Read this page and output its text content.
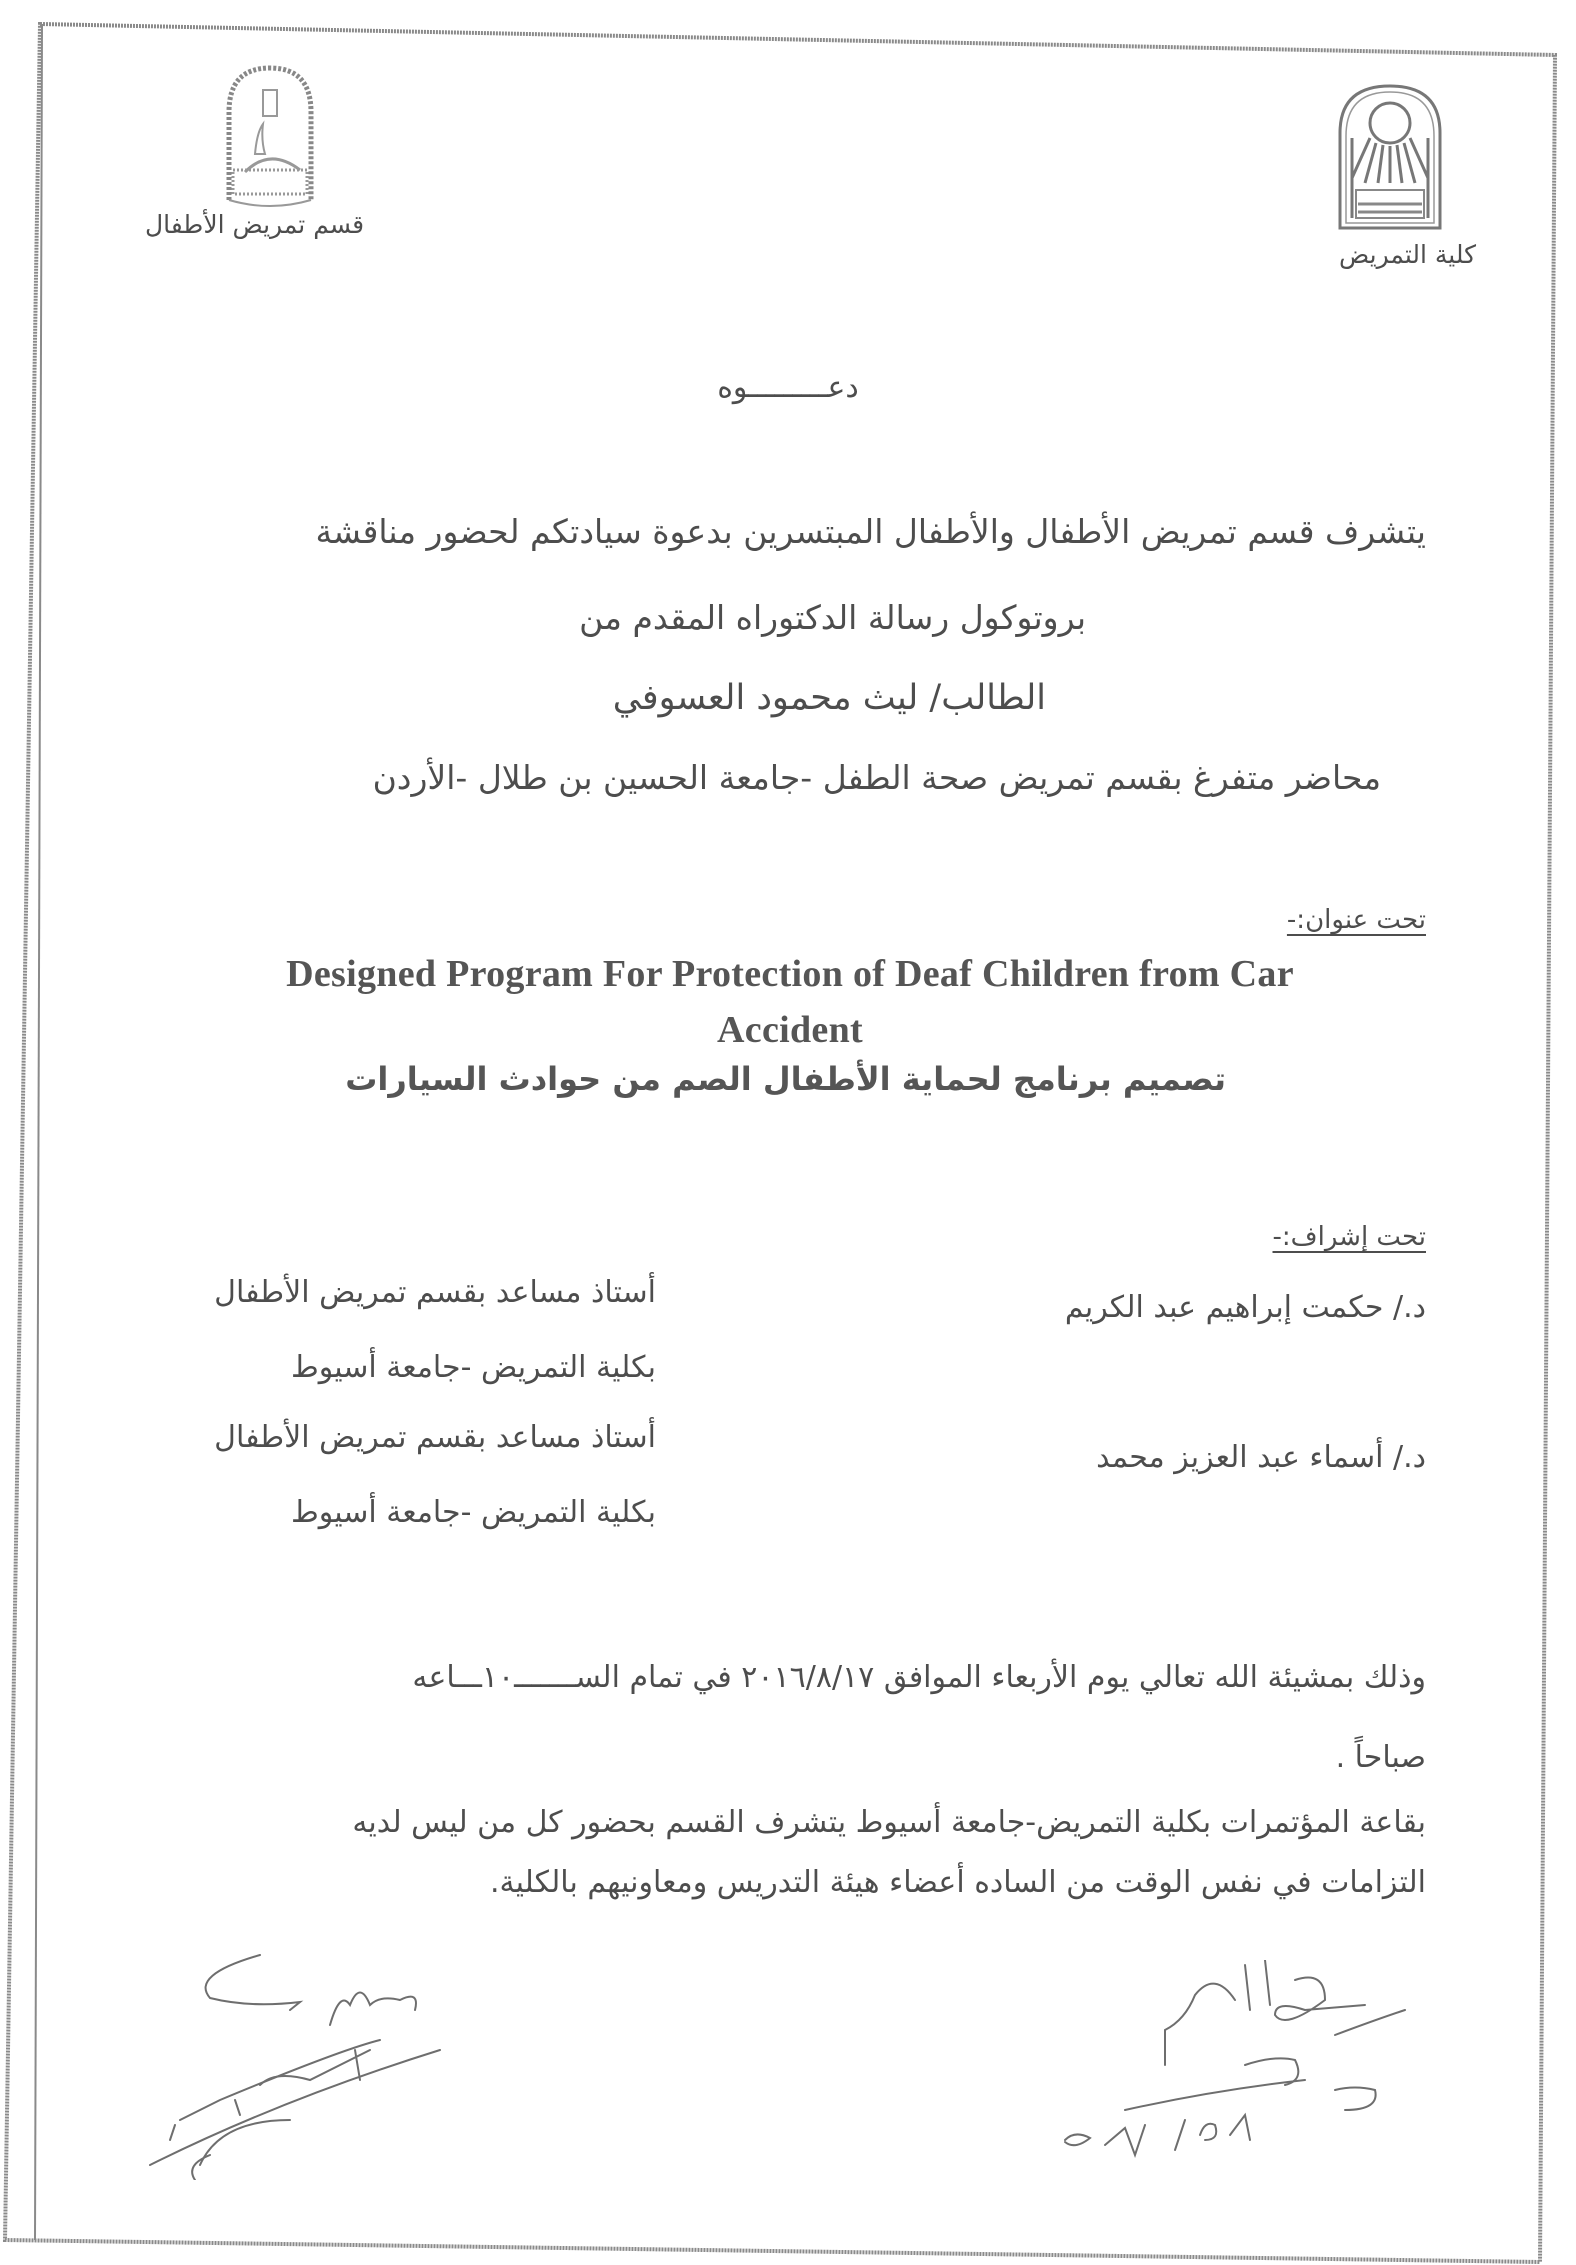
كلية التمريض
قسم تمريض الأطفال
دعـــــــــوه
يتشرف قسم تمريض الأطفال والأطفال المبتسرين بدعوة سيادتكم لحضور مناقشة
بروتوكول رسالة الدكتوراه المقدم من
الطالب/ ليث محمود العسوفي
محاضر متفرغ بقسم تمريض صحة الطفل -جامعة الحسين بن طلال -الأردن
تحت عنوان:-
Designed Program For Protection of Deaf Children from Car
Accident
تصميم برنامج لحماية الأطفال الصم من حوادث السيارات
تحت إشراف:-
د./ حكمت إبراهيم عبد الكريم
أستاذ مساعد بقسم تمريض الأطفال
بكلية التمريض -جامعة أسيوط
د./ أسماء عبد العزيز محمد
أستاذ مساعد بقسم تمريض الأطفال
بكلية التمريض -جامعة أسيوط
وذلك بمشيئة الله تعالي يوم الأربعاء الموافق ٢٠١٦/٨/١٧ في تمام الســـــــ١٠ـــاعه
صباحاً .
بقاعة المؤتمرات بكلية التمريض-جامعة أسيوط يتشرف القسم بحضور كل من ليس لديه
التزامات في نفس الوقت من الساده أعضاء هيئة التدريس ومعاونيهم بالكلية.
